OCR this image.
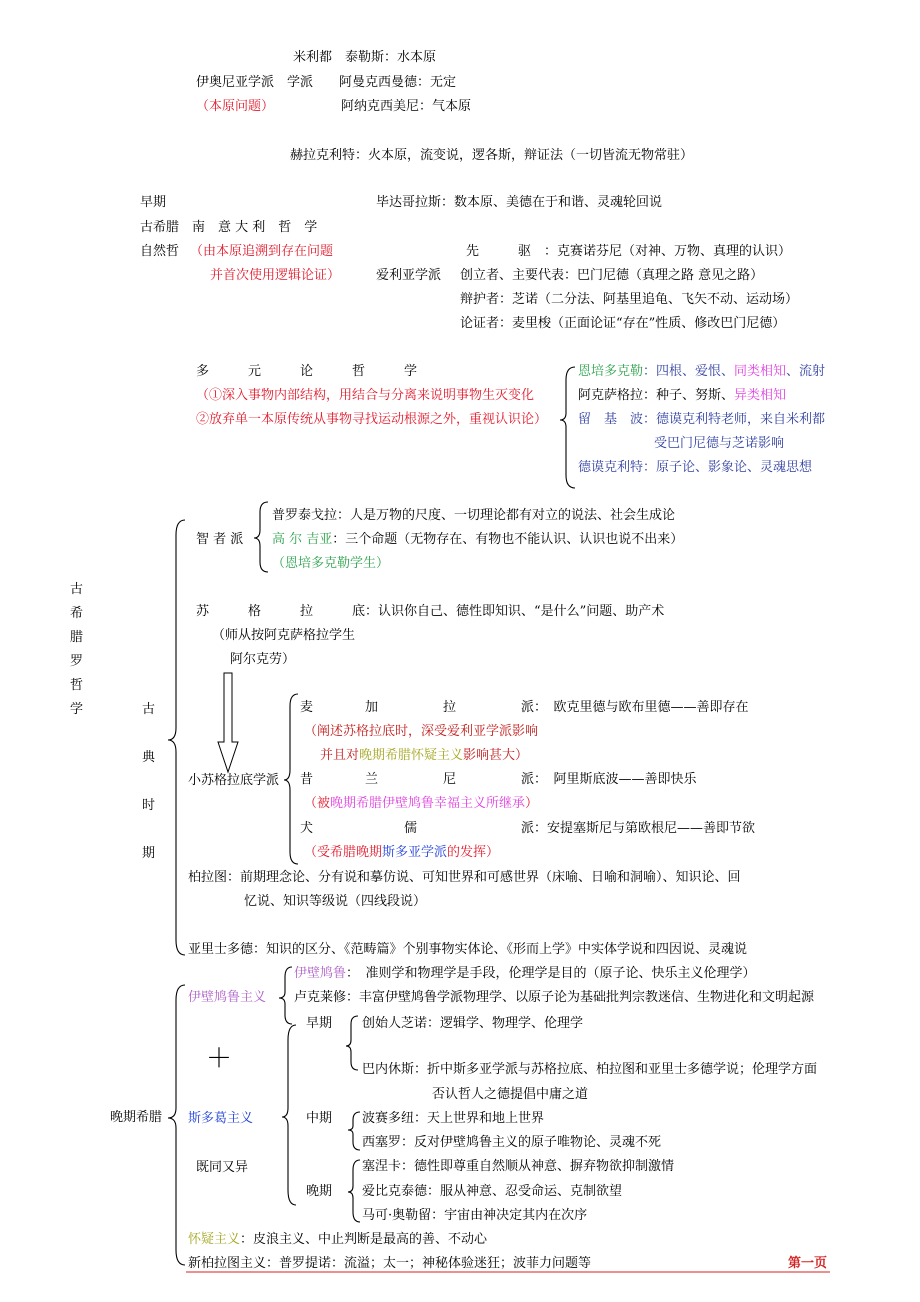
米利都　泰勒斯：水本原
伊奥尼亚学派　学派　　阿曼克西曼德：无定
（本原问题）	阿纳克西美尼：气本原
赫拉克利特：火本原，流变说，逻各斯，辩证法（一切皆流无物常驻）
早期
古希腊　南　意 大 利　哲　学
自然哲 （由本原追溯到存在问题
并首次使用逻辑论证）
毕达哥拉斯：数本原、美德在于和谐、灵魂轮回说
先　　　驱　：克赛诺芬尼（对神、万物、真理的认识）
爱利亚学派 创立者、主要代表：巴门尼德（真理之路 意见之路）
辩护者：芝诺（二分法、阿基里追龟、飞矢不动、运动场）
论证者：麦里梭（正面论证“存在”性质、修改巴门尼德）
多　　　元　　　论　　　哲　　　学
（①深入事物内部结构，用结合与分离来说明事物生灭变化
②放弃单一本原传统从事物寻找运动根源之外，重视认识论）
恩培多克勒：四根、爱恨、同类相知、流射
阿克萨格拉：种子、努斯、异类相知
留　基　波：德谟克利特老师，来自米利都
受巴门尼德与芝诺影响
德谟克利特：原子论、影象论、灵魂思想
古
希
腊
罗
哲
学	古
典
时
期
智 者 派
普罗泰戈拉：人是万物的尺度、一切理论都有对立的说法、社会生成论
高 尔 吉亚：三个命题（无物存在、有物也不能认识、认识也说不出来）
（恩培多克勒学生）
苏　　　格　　　拉　　　底：认识你自己、德性即知识、“是什么”问题、助产术
（师从按阿克萨格拉学生
阿尔克劳）
小苏格拉底学派
麦　　　　加　　　　　拉　　　　　派：　欧克里德与欧布里德——善即存在
（阐述苏格拉底时，深受爱利亚学派影响
并且对晚期希腊怀疑主义影响甚大）
昔　　　　兰　　　　　尼　　　　　派：　阿里斯底波——善即快乐
（被晚期希腊伊壁鸠鲁幸福主义所继承）
犬　　　　　　　儒　　　　　　　　派：安提塞斯尼与第欧根尼——善即节欲
（受希腊晚期斯多亚学派的发挥）
柏拉图：前期理念论、分有说和摹仿说、可知世界和可感世界（床喻、日喻和洞喻）、知识论、回
忆说、知识等级说（四线段说）
亚里士多德：知识的区分、《范畴篇》个别事物实体论、《形而上学》中实体学说和四因说、灵魂说
晚期希腊
伊壁鸠鲁主义
伊壁鸠鲁：　准则学和物理学是手段，伦理学是目的（原子论、快乐主义伦理学）
卢克莱修：丰富伊壁鸠鲁学派物理学、以原子论为基础批判宗教迷信、生物进化和文明起源
＋
斯多葛主义
既同又异
早期 创始人芝诺：逻辑学、物理学、伦理学
巴内休斯：折中斯多亚学派与苏格拉底、柏拉图和亚里士多德学说；伦理学方面
否认哲人之德提倡中庸之道
中期 波赛多纽：天上世界和地上世界
西塞罗：反对伊壁鸠鲁主义的原子唯物论、灵魂不死
晚期
塞涅卡：德性即尊重自然顺从神意、摒弃物欲抑制激情
爱比克泰德：服从神意、忍受命运、克制欲望
马可·奥勒留：宇宙由神决定其内在次序
怀疑主义：皮浪主义、中止判断是最高的善、不动心
新柏拉图主义：普罗提诺：流溢；太一；神秘体验迷狂；波菲力问题等	第一页
